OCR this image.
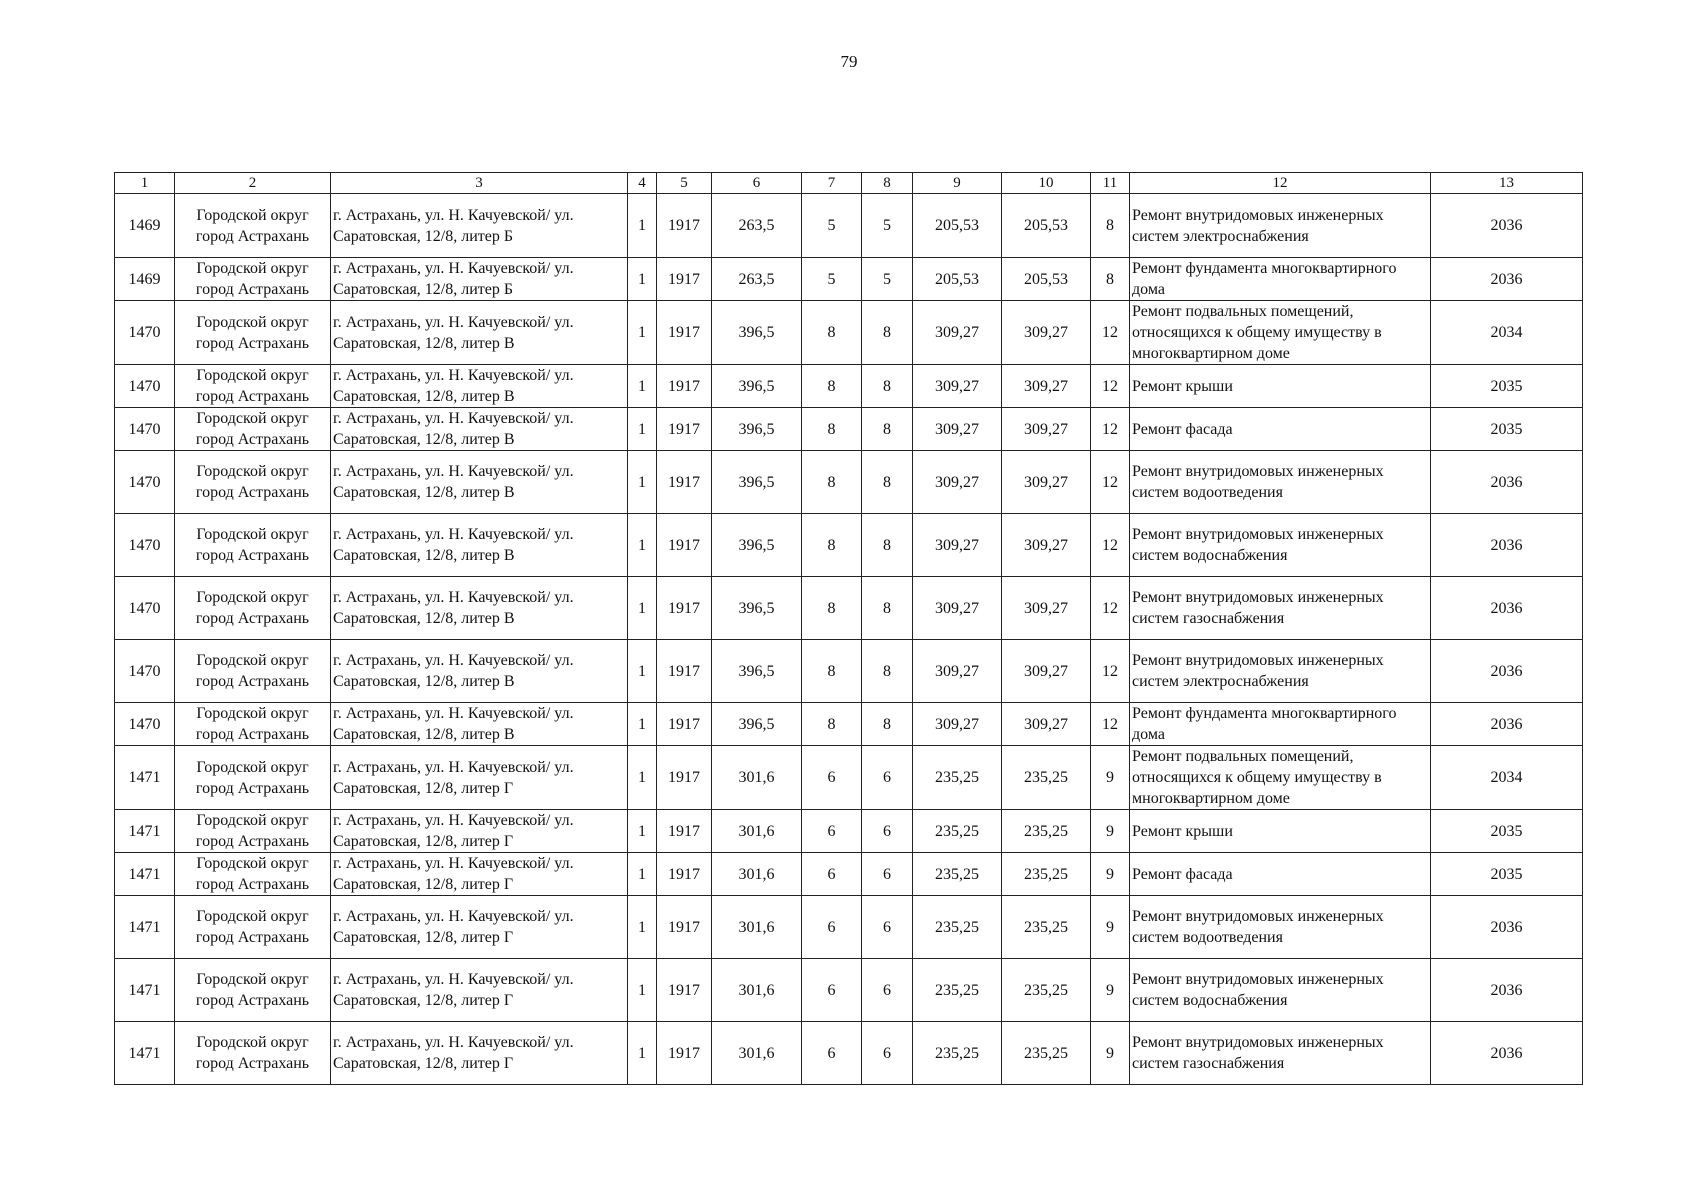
79
1	2	3	4	5	6	7	8	9	10	11	12	13
1469	Городской округ город Астрахань	г. Астрахань, ул. Н. Качуевской/ ул. Саратовская, 12/8, литер Б	1	1917	263,5	5	5	205,53	205,53	8	Ремонт внутридомовых инженерных систем электроснабжения	2036
1469	Городской округ город Астрахань	г. Астрахань, ул. Н. Качуевской/ ул. Саратовская, 12/8, литер Б	1	1917	263,5	5	5	205,53	205,53	8	Ремонт фундамента многоквартирного дома	2036
1470	Городской округ город Астрахань	г. Астрахань, ул. Н. Качуевской/ ул. Саратовская, 12/8, литер В	1	1917	396,5	8	8	309,27	309,27	12	Ремонт подвальных помещений, относящихся к общему имуществу в многоквартирном доме	2034
1470	Городской округ город Астрахань	г. Астрахань, ул. Н. Качуевской/ ул. Саратовская, 12/8, литер В	1	1917	396,5	8	8	309,27	309,27	12	Ремонт крыши	2035
1470	Городской округ город Астрахань	г. Астрахань, ул. Н. Качуевской/ ул. Саратовская, 12/8, литер В	1	1917	396,5	8	8	309,27	309,27	12	Ремонт фасада	2035
1470	Городской округ город Астрахань	г. Астрахань, ул. Н. Качуевской/ ул. Саратовская, 12/8, литер В	1	1917	396,5	8	8	309,27	309,27	12	Ремонт внутридомовых инженерных систем водоотведения	2036
1470	Городской округ город Астрахань	г. Астрахань, ул. Н. Качуевской/ ул. Саратовская, 12/8, литер В	1	1917	396,5	8	8	309,27	309,27	12	Ремонт внутридомовых инженерных систем водоснабжения	2036
1470	Городской округ город Астрахань	г. Астрахань, ул. Н. Качуевской/ ул. Саратовская, 12/8, литер В	1	1917	396,5	8	8	309,27	309,27	12	Ремонт внутридомовых инженерных систем газоснабжения	2036
1470	Городской округ город Астрахань	г. Астрахань, ул. Н. Качуевской/ ул. Саратовская, 12/8, литер В	1	1917	396,5	8	8	309,27	309,27	12	Ремонт внутридомовых инженерных систем электроснабжения	2036
1470	Городской округ город Астрахань	г. Астрахань, ул. Н. Качуевской/ ул. Саратовская, 12/8, литер В	1	1917	396,5	8	8	309,27	309,27	12	Ремонт фундамента многоквартирного дома	2036
1471	Городской округ город Астрахань	г. Астрахань, ул. Н. Качуевской/ ул. Саратовская, 12/8, литер Г	1	1917	301,6	6	6	235,25	235,25	9	Ремонт подвальных помещений, относящихся к общему имуществу в многоквартирном доме	2034
1471	Городской округ город Астрахань	г. Астрахань, ул. Н. Качуевской/ ул. Саратовская, 12/8, литер Г	1	1917	301,6	6	6	235,25	235,25	9	Ремонт крыши	2035
1471	Городской округ город Астрахань	г. Астрахань, ул. Н. Качуевской/ ул. Саратовская, 12/8, литер Г	1	1917	301,6	6	6	235,25	235,25	9	Ремонт фасада	2035
1471	Городской округ город Астрахань	г. Астрахань, ул. Н. Качуевской/ ул. Саратовская, 12/8, литер Г	1	1917	301,6	6	6	235,25	235,25	9	Ремонт внутридомовых инженерных систем водоотведения	2036
1471	Городской округ город Астрахань	г. Астрахань, ул. Н. Качуевской/ ул. Саратовская, 12/8, литер Г	1	1917	301,6	6	6	235,25	235,25	9	Ремонт внутридомовых инженерных систем водоснабжения	2036
1471	Городской округ город Астрахань	г. Астрахань, ул. Н. Качуевской/ ул. Саратовская, 12/8, литер Г	1	1917	301,6	6	6	235,25	235,25	9	Ремонт внутридомовых инженерных систем газоснабжения	2036
